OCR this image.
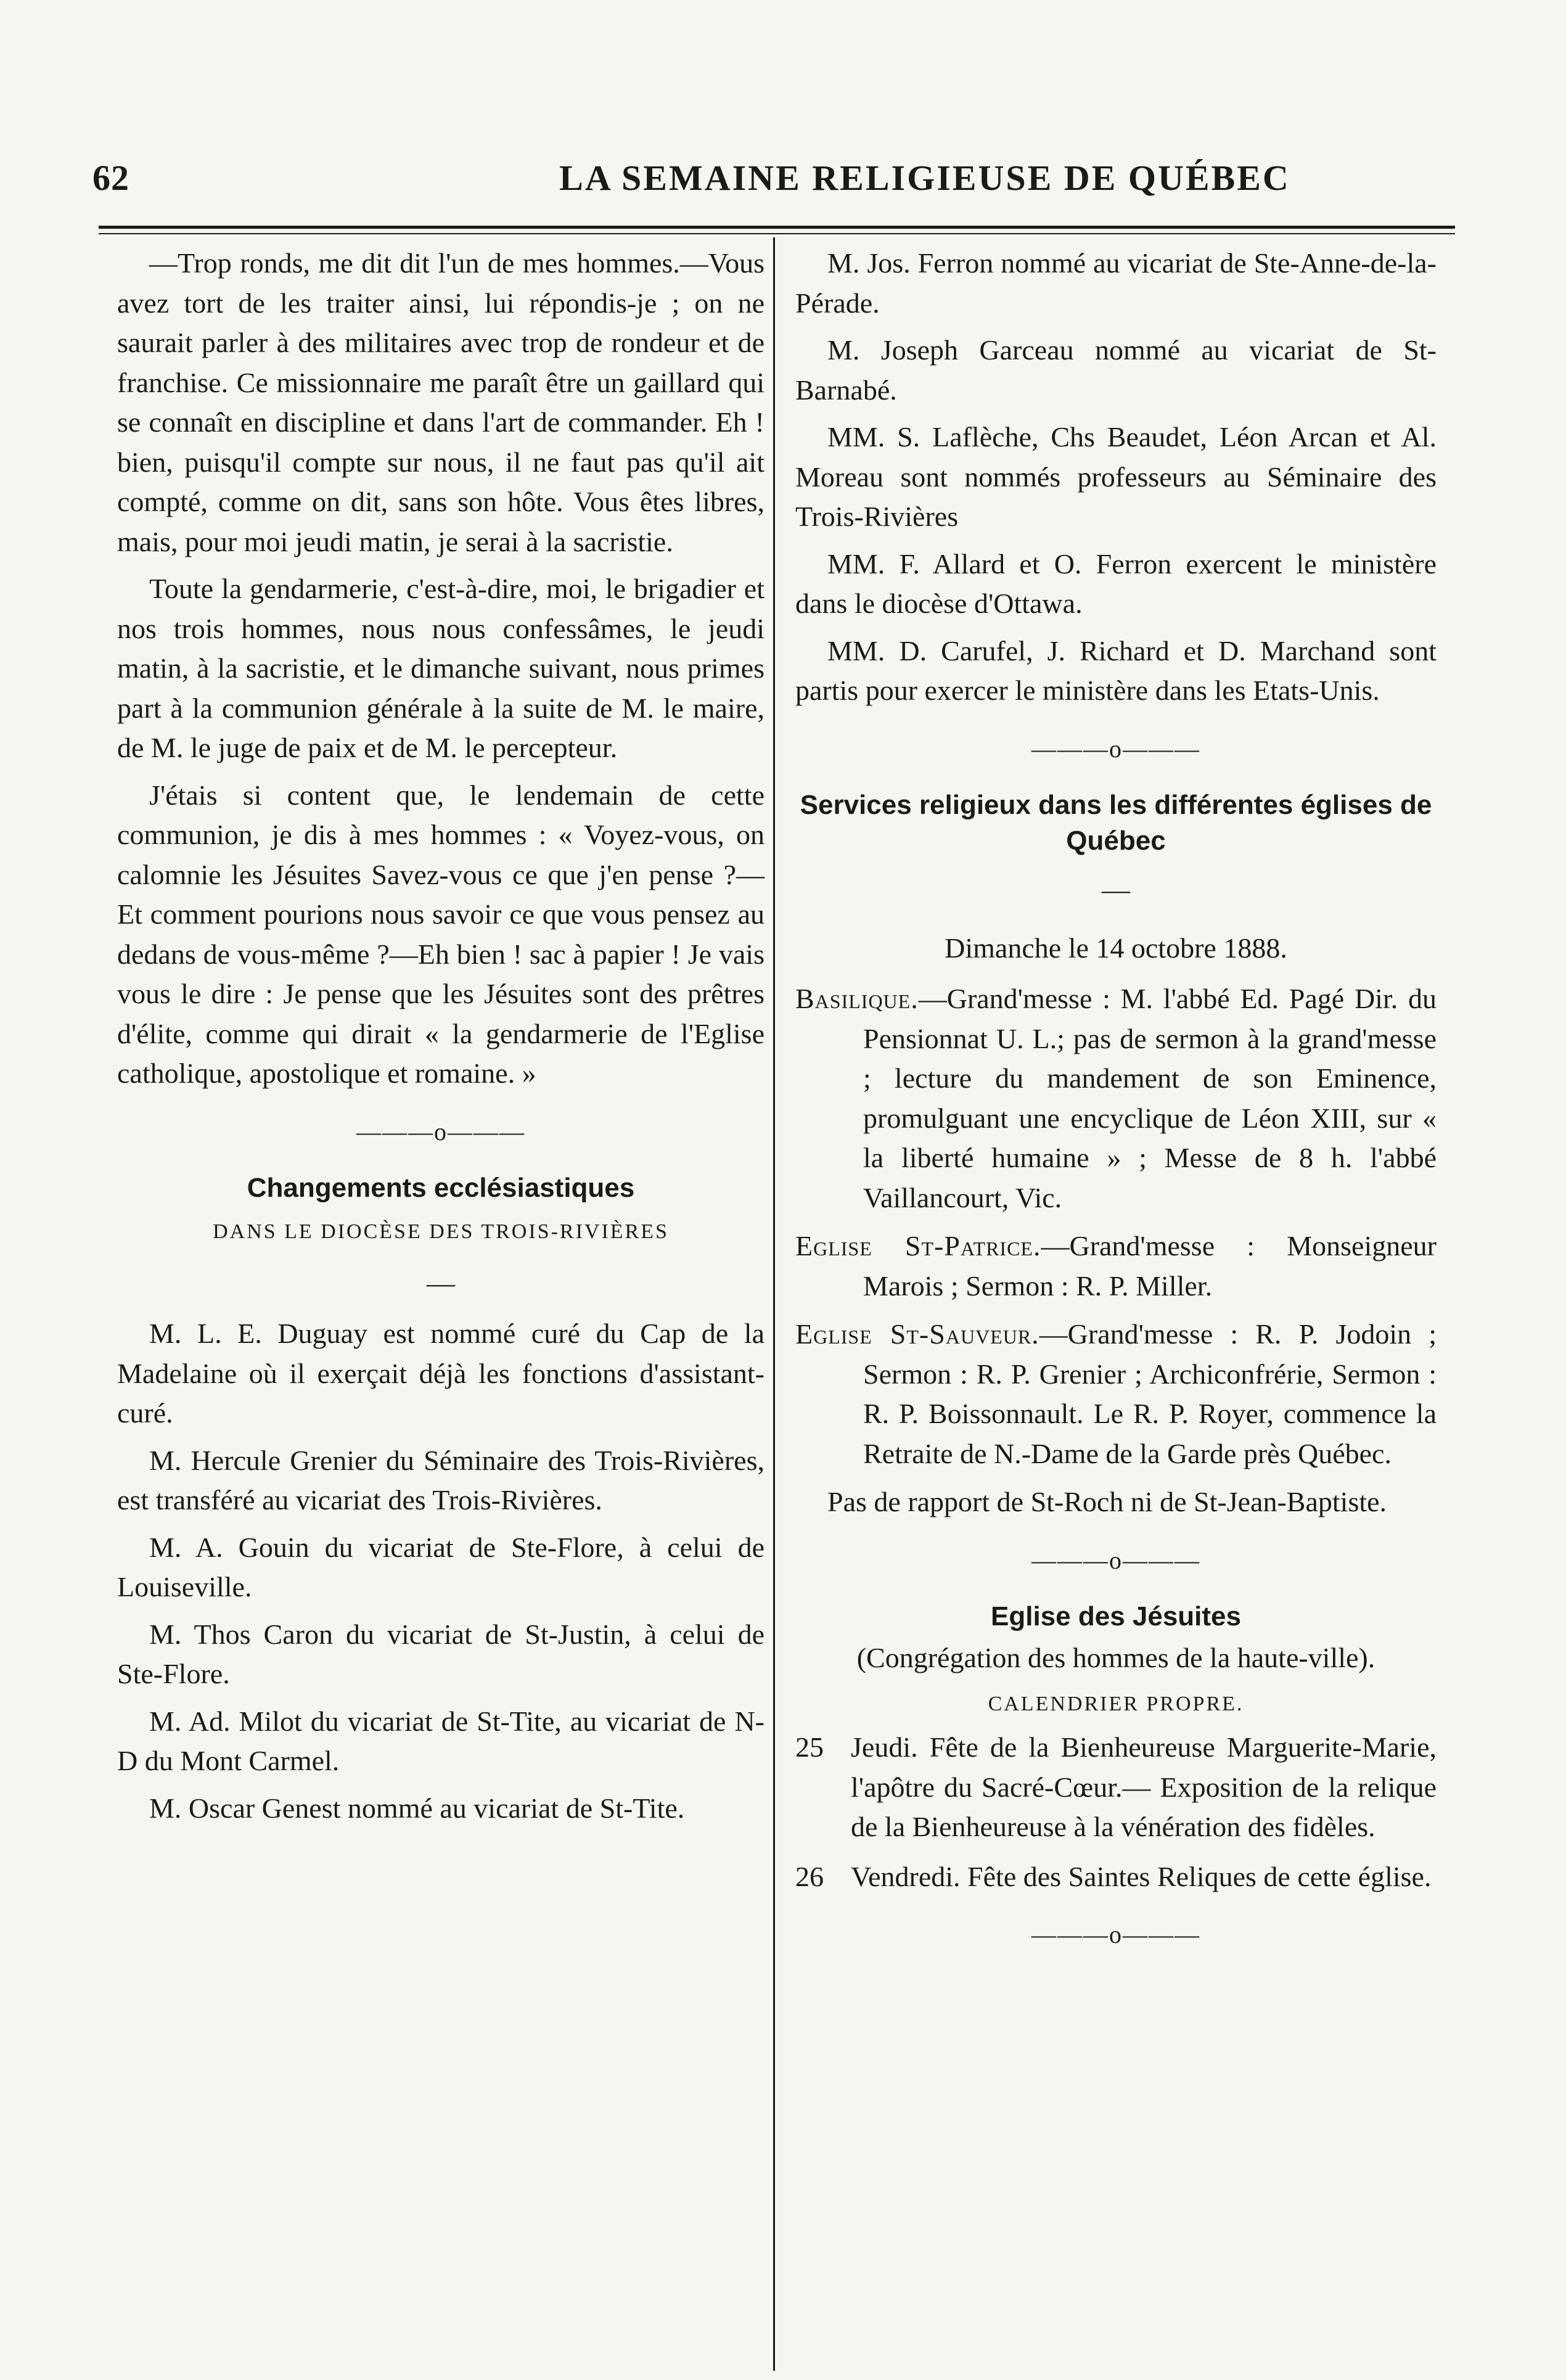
62	LA SEMAINE RELIGIEUSE DE QUÉBEC

—Trop ronds, me dit dit l'un de mes hommes.—Vous avez tort de les traiter ainsi, lui répondis-je ; on ne saurait parler à des militaires avec trop de rondeur et de franchise. Ce missionnaire me paraît être un gaillard qui se connaît en discipline et dans l'art de commander. Eh ! bien, puisqu'il compte sur nous, il ne faut pas qu'il ait compté, comme on dit, sans son hôte. Vous êtes libres, mais, pour moi jeudi matin, je serai à la sacristie.

Toute la gendarmerie, c'est-à-dire, moi, le brigadier et nos trois hommes, nous nous confessâmes, le jeudi matin, à la sacristie, et le dimanche suivant, nous primes part à la communion générale à la suite de M. le maire, de M. le juge de paix et de M. le percepteur.

J'étais si content que, le lendemain de cette communion, je dis à mes hommes : « Voyez-vous, on calomnie les Jésuites Savez-vous ce que j'en pense ?—Et comment pourions nous savoir ce que vous pensez au dedans de vous-même ?—Eh bien ! sac à papier ! Je vais vous le dire : Je pense que les Jésuites sont des prêtres d'élite, comme qui dirait « la gendarmerie de l'Eglise catholique, apostolique et romaine. »

———o———
Changements ecclésiastiques
DANS LE DIOCÈSE DES TROIS-RIVIÈRES
—

M. L. E. Duguay est nommé curé du Cap de la Madelaine où il exerçait déjà les fonctions d'assistant-curé.

M. Hercule Grenier du Séminaire des Trois-Rivières, est transféré au vicariat des Trois-Rivières.

M. A. Gouin du vicariat de Ste-Flore, à celui de Louiseville.

M. Thos Caron du vicariat de St-Justin, à celui de Ste-Flore.

M. Ad. Milot du vicariat de St-Tite, au vicariat de N-D du Mont Carmel.

M. Oscar Genest nommé au vicariat de St-Tite.

M. Jos. Ferron nommé au vicariat de Ste-Anne-de-la-Pérade.

M. Joseph Garceau nommé au vicariat de St-Barnabé.

MM. S. Laflèche, Chs Beaudet, Léon Arcan et Al. Moreau sont nommés professeurs au Séminaire des Trois-Rivières

MM. F. Allard et O. Ferron exercent le ministère dans le diocèse d'Ottawa.

MM. D. Carufel, J. Richard et D. Marchand sont partis pour exercer le ministère dans les Etats-Unis.

———o———
Services religieux dans les différentes églises de Québec
—
Dimanche le 14 octobre 1888.
Basilique.—Grand'messe : M. l'abbé Ed. Pagé Dir. du Pensionnat U. L.; pas de sermon à la grand'messe ; lecture du mandement de son Eminence, promulguant une encyclique de Léon XIII, sur « la liberté humaine » ; Messe de 8 h. l'abbé Vaillancourt, Vic.
Eglise St-Patrice.—Grand'messe : Monseigneur Marois ; Sermon : R. P. Miller.
Eglise St-Sauveur.—Grand'messe : R. P. Jodoin ; Sermon : R. P. Grenier ; Archiconfrérie, Sermon : R. P. Boissonnault. Le R. P. Royer, commence la Retraite de N.-Dame de la Garde près Québec.

Pas de rapport de St-Roch ni de St-Jean-Baptiste.

———o———
Eglise des Jésuites
(Congrégation des hommes de la haute-ville).
CALENDRIER PROPRE.
25 Jeudi. Fête de la Bienheureuse Marguerite-Marie, l'apôtre du Sacré-Cœur.— Exposition de la relique de la Bienheureuse à la vénération des fidèles.
26 Vendredi. Fête des Saintes Reliques de cette église.
———o———
